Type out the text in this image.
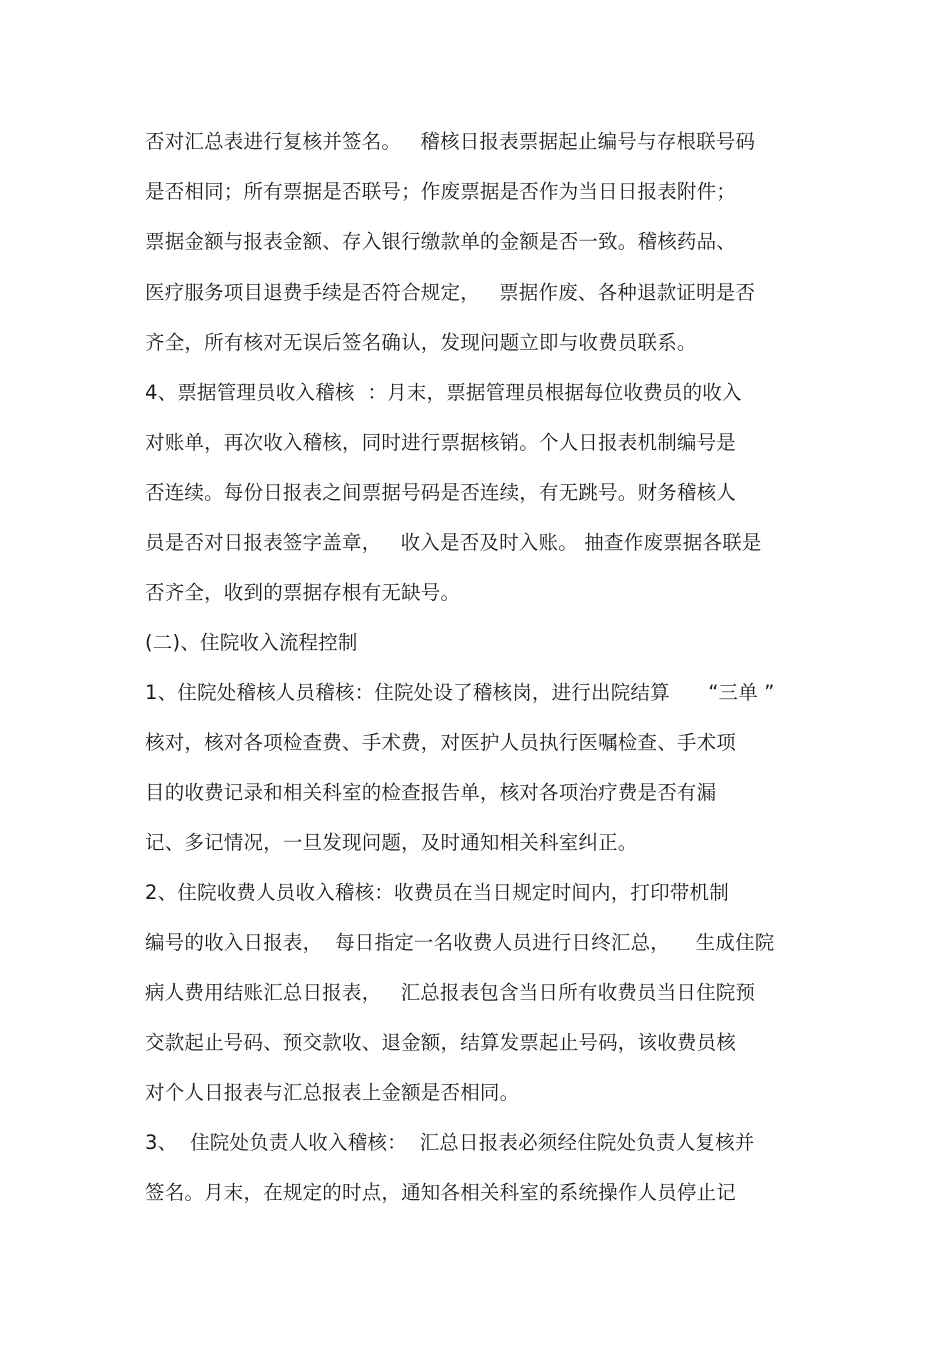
否对汇总表进行复核并签名。   稽核日报表票据起止编号与存根联号码
是否相同；所有票据是否联号；作废票据是否作为当日日报表附件；
票据金额与报表金额、存入银行缴款单的金额是否一致。稽核药品、
医疗服务项目退费手续是否符合规定，   票据作废、各种退款证明是否
齐全，所有核对无误后签名确认，发现问题立即与收费员联系。
4、票据管理员收入稽核  ：月末，票据管理员根据每位收费员的收入
对账单，再次收入稽核，同时进行票据核销。个人日报表机制编号是
否连续。每份日报表之间票据号码是否连续，有无跳号。财务稽核人
员是否对日报表签字盖章，   收入是否及时入账。 抽查作废票据各联是
否齐全，收到的票据存根有无缺号。
(二)、住院收入流程控制
1、住院处稽核人员稽核：住院处设了稽核岗，进行出院结算      “三单 ”
核对，核对各项检查费、手术费，对医护人员执行医嘱检查、手术项
目的收费记录和相关科室的检查报告单，核对各项治疗费是否有漏
记、多记情况，一旦发现问题，及时通知相关科室纠正。
2、住院收费人员收入稽核：收费员在当日规定时间内，打印带机制
编号的收入日报表，  每日指定一名收费人员进行日终汇总，    生成住院
病人费用结账汇总日报表，   汇总报表包含当日所有收费员当日住院预
交款起止号码、预交款收、退金额，结算发票起止号码，该收费员核
对个人日报表与汇总报表上金额是否相同。
3、  住院处负责人收入稽核：  汇总日报表必须经住院处负责人复核并
签名。月末，在规定的时点，通知各相关科室的系统操作人员停止记
